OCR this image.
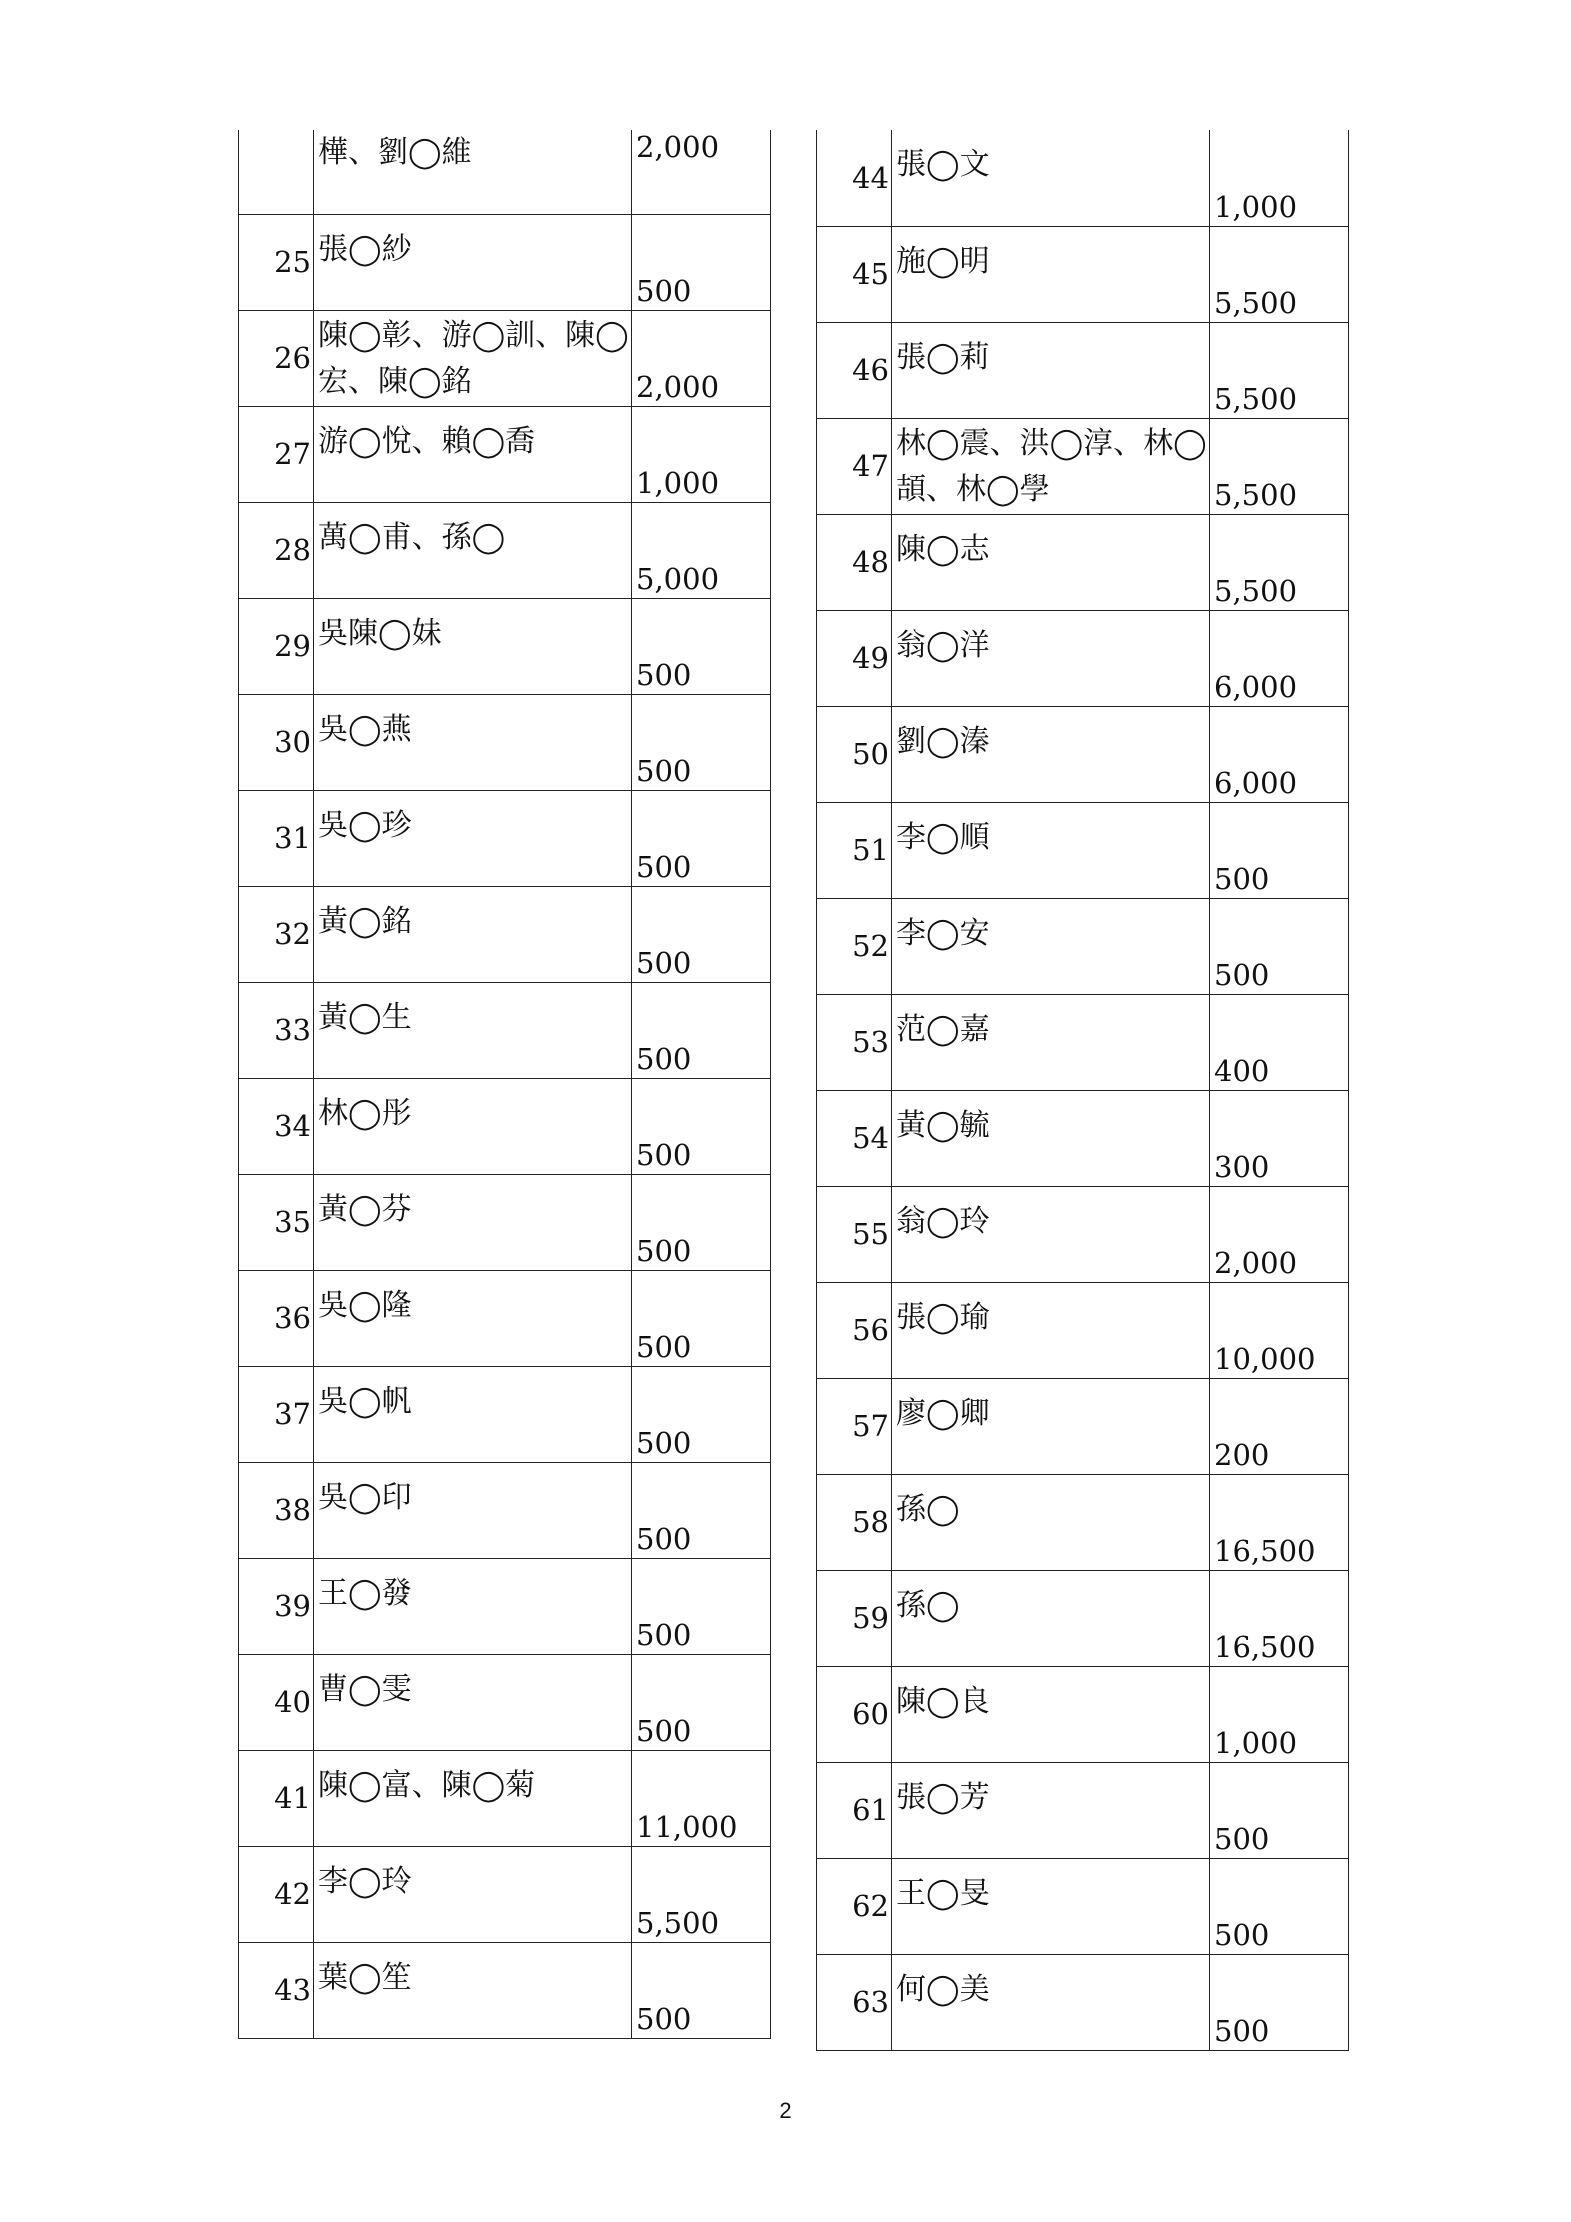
	樺、劉◯維	2,000
25	張◯紗	500
26	陳◯彰、游◯訓、陳◯宏、陳◯銘	2,000
27	游◯悅、賴◯喬	1,000
28	萬◯甫、孫◯	5,000
29	吳陳◯妹	500
30	吳◯燕	500
31	吳◯珍	500
32	黃◯銘	500
33	黃◯生	500
34	林◯彤	500
35	黃◯芬	500
36	吳◯隆	500
37	吳◯帆	500
38	吳◯印	500
39	王◯發	500
40	曹◯雯	500
41	陳◯富、陳◯菊	11,000
42	李◯玲	5,500
43	葉◯笙	500
44	張◯文	1,000
45	施◯明	5,500
46	張◯莉	5,500
47	林◯震、洪◯淳、林◯頡、林◯學	5,500
48	陳◯志	5,500
49	翁◯洋	6,000
50	劉◯溱	6,000
51	李◯順	500
52	李◯安	500
53	范◯嘉	400
54	黃◯毓	300
55	翁◯玲	2,000
56	張◯瑜	10,000
57	廖◯卿	200
58	孫◯	16,500
59	孫◯	16,500
60	陳◯良	1,000
61	張◯芳	500
62	王◯旻	500
63	何◯美	500
2
